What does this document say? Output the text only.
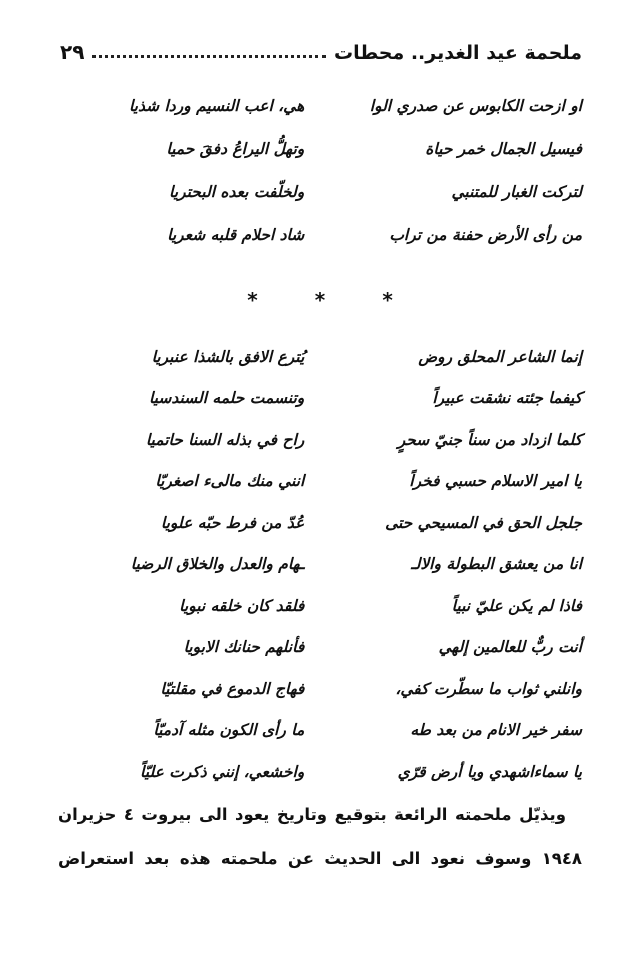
ملحمة عيد الغدير.. محطات
٢٩
او ازحت الكابوس عن صدري الوا
هي، اعب النسيم وردا شذيا
فيسيل الجمال خمر حياة
وتهلُّ اليراعُ دفقَ حميا
لتركت الغبار للمتنبي
ولخلّفت بعده البحتريا
من رأى الأرض حفنة من تراب
شاد احلام قلبه شعريا
*	*	*
إنما الشاعر المحلق روض
يُترع الافق بالشذا عنبريا
كيفما جئته نشقت عبيراً
وتنسمت حلمه السندسيا
كلما ازداد من سناً جنيّ سحرٍ
راح في بذله السنا حاتميا
يا امير الاسلام حسبي فخراً
انني منك مالىء اصغريّا
جلجل الحق في المسيحي حتى
عُدّ من فرط حبّه علويا
انا من يعشق البطولة والالـ
ـهام والعدل والخلاق الرضيا
فاذا لم يكن عليّ نبياً
فلقد كان خلقه نبويا
أنت ربٌّ للعالمين إلهي
فأنلهم حنانك الابويا
وانلني ثواب ما سطّرت كفي،
فهاج الدموع في مقلتيّا
سفر خير الانام من بعد طه
ما رأى الكون مثله آدميّاً
يا سماءاشهدي ويا أرض قرّي
واخشعي، إنني ذكرت عليّاً
ويذيّل ملحمته الرائعة بتوقيع وتاريخ يعود الى بيروت ٤ حزيران
١٩٤٨ وسوف نعود الى الحديث عن ملحمته هذه بعد استعراض
